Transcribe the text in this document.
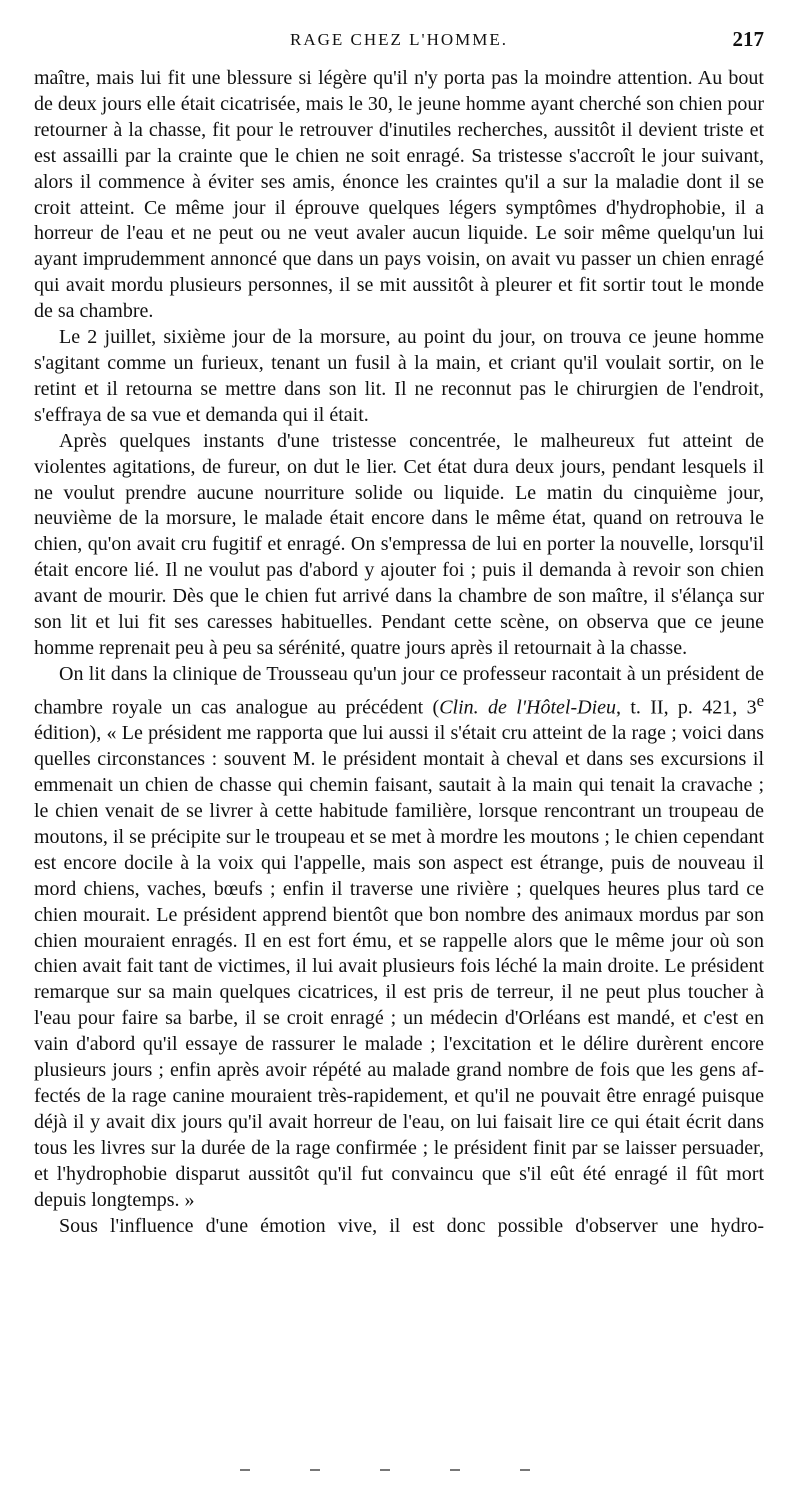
RAGE CHEZ L'HOMME.	217

maître, mais lui fit une blessure si légère qu'il n'y porta pas la moindre attention. Au bout de deux jours elle était cicatrisée, mais le 30, le jeune homme ayant cherché son chien pour retourner à la chasse, fit pour le retrouver d'inutiles recherches, aussitôt il devient triste et est assailli par la crainte que le chien ne soit enragé. Sa tristesse s'accroît le jour suivant, alors il commence à éviter ses amis, énonce les craintes qu'il a sur la maladie dont il se croit atteint. Ce même jour il éprouve quelques légers symptômes d'hydrophobie, il a horreur de l'eau et ne peut ou ne veut avaler aucun liquide. Le soir même quelqu'un lui ayant imprudemment annoncé que dans un pays voisin, on avait vu passer un chien enragé qui avait mordu plusieurs personnes, il se mit aussitôt à pleurer et fit sortir tout le monde de sa chambre.

Le 2 juillet, sixième jour de la morsure, au point du jour, on trouva ce jeune homme s'agitant comme un furieux, tenant un fusil à la main, et criant qu'il voulait sortir, on le retint et il retourna se mettre dans son lit. Il ne reconnut pas le chirurgien de l'endroit, s'effraya de sa vue et demanda qui il était.

Après quelques instants d'une tristesse concentrée, le malheureux fut atteint de violentes agitations, de fureur, on dut le lier. Cet état dura deux jours, pendant lesquels il ne voulut prendre aucune nourriture solide ou liquide. Le matin du cinquième jour, neuvième de la morsure, le malade était encore dans le même état, quand on retrouva le chien, qu'on avait cru fugitif et enragé. On s'empressa de lui en porter la nouvelle, lorsqu'il était encore lié. Il ne voulut pas d'abord y ajouter foi ; puis il demanda à revoir son chien avant de mourir. Dès que le chien fut arrivé dans la chambre de son maître, il s'élança sur son lit et lui fit ses caresses habituelles. Pendant cette scène, on observa que ce jeune homme reprenait peu à peu sa sérénité, quatre jours après il retournait à la chasse.

On lit dans la clinique de Trousseau qu'un jour ce professeur racontait à un président de chambre royale un cas analogue au précédent (Clin. de l'Hôtel-Dieu, t. II, p. 421, 3e édition), « Le président me rapporta que lui aussi il s'était cru atteint de la rage ; voici dans quelles circonstances : souvent M. le président montait à cheval et dans ses excursions il emmenait un chien de chasse qui chemin faisant, sautait à la main qui tenait la cravache ; le chien venait de se livrer à cette habitude familière, lorsque rencontrant un troupeau de moutons, il se précipite sur le troupeau et se met à mordre les moutons ; le chien cependant est encore docile à la voix qui l'appelle, mais son aspect est étrange, puis de nouveau il mord chiens, vaches, bœufs ; enfin il traverse une rivière ; quelques heures plus tard ce chien mourait. Le président apprend bientôt que bon nombre des animaux mordus par son chien mouraient enragés. Il en est fort ému, et se rappelle alors que le même jour où son chien avait fait tant de victimes, il lui avait plusieurs fois léché la main droite. Le président remarque sur sa main quelques cicatrices, il est pris de terreur, il ne peut plus toucher à l'eau pour faire sa barbe, il se croit enragé ; un médecin d'Orléans est mandé, et c'est en vain d'abord qu'il essaye de rassurer le malade ; l'excitation et le délire durèrent encore plusieurs jours ; enfin après avoir répété au malade grand nombre de fois que les gens affectés de la rage canine mouraient très-rapidement, et qu'il ne pouvait être enragé puisque déjà il y avait dix jours qu'il avait horreur de l'eau, on lui faisait lire ce qui était écrit dans tous les livres sur la durée de la rage confirmée ; le président finit par se laisser persuader, et l'hydrophobie disparut aussitôt qu'il fut convaincu que s'il eût été enragé il fût mort depuis longtemps. »

Sous l'influence d'une émotion vive, il est donc possible d'observer une hydro-
